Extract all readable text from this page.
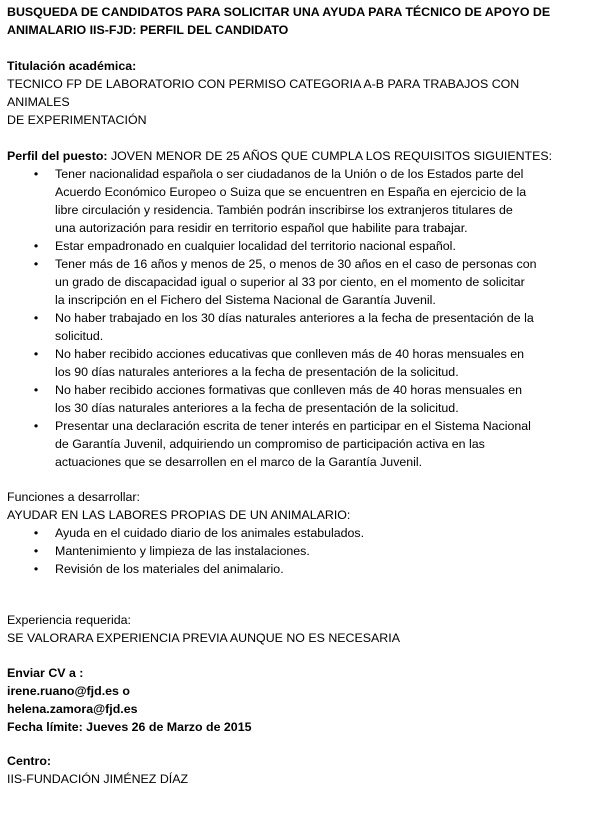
BUSQUEDA DE CANDIDATOS PARA SOLICITAR UNA AYUDA PARA TÉCNICO DE APOYO DE
ANIMALARIO IIS-FJD: PERFIL DEL CANDIDATO
Titulación académica:
TECNICO FP DE LABORATORIO CON PERMISO CATEGORIA A-B PARA TRABAJOS CON ANIMALES
DE EXPERIMENTACIÓN
Perfil del puesto: JOVEN MENOR DE 25 AÑOS QUE CUMPLA LOS REQUISITOS SIGUIENTES:
• Tener nacionalidad española o ser ciudadanos de la Unión o de los Estados parte del
Acuerdo Económico Europeo o Suiza que se encuentren en España en ejercicio de la
libre circulación y residencia. También podrán inscribirse los extranjeros titulares de
una autorización para residir en territorio español que habilite para trabajar.
• Estar empadronado en cualquier localidad del territorio nacional español.
• Tener más de 16 años y menos de 25, o menos de 30 años en el caso de personas con
un grado de discapacidad igual o superior al 33 por ciento, en el momento de solicitar
la inscripción en el Fichero del Sistema Nacional de Garantía Juvenil.
• No haber trabajado en los 30 días naturales anteriores a la fecha de presentación de la
solicitud.
• No haber recibido acciones educativas que conlleven más de 40 horas mensuales en
los 90 días naturales anteriores a la fecha de presentación de la solicitud.
• No haber recibido acciones formativas que conlleven más de 40 horas mensuales en
los 30 días naturales anteriores a la fecha de presentación de la solicitud.
• Presentar una declaración escrita de tener interés en participar en el Sistema Nacional
de Garantía Juvenil, adquiriendo un compromiso de participación activa en las
actuaciones que se desarrollen en el marco de la Garantía Juvenil.
Funciones a desarrollar:
AYUDAR EN LAS LABORES PROPIAS DE UN ANIMALARIO:
• Ayuda en el cuidado diario de los animales estabulados.
• Mantenimiento y limpieza de las instalaciones.
• Revisión de los materiales del animalario.
Experiencia requerida:
SE VALORARA EXPERIENCIA PREVIA AUNQUE NO ES NECESARIA
Enviar CV a :
irene.ruano@fjd.es o
helena.zamora@fjd.es
Fecha límite: Jueves 26 de Marzo de 2015
Centro:
IIS-FUNDACIÓN JIMÉNEZ DÍAZ
